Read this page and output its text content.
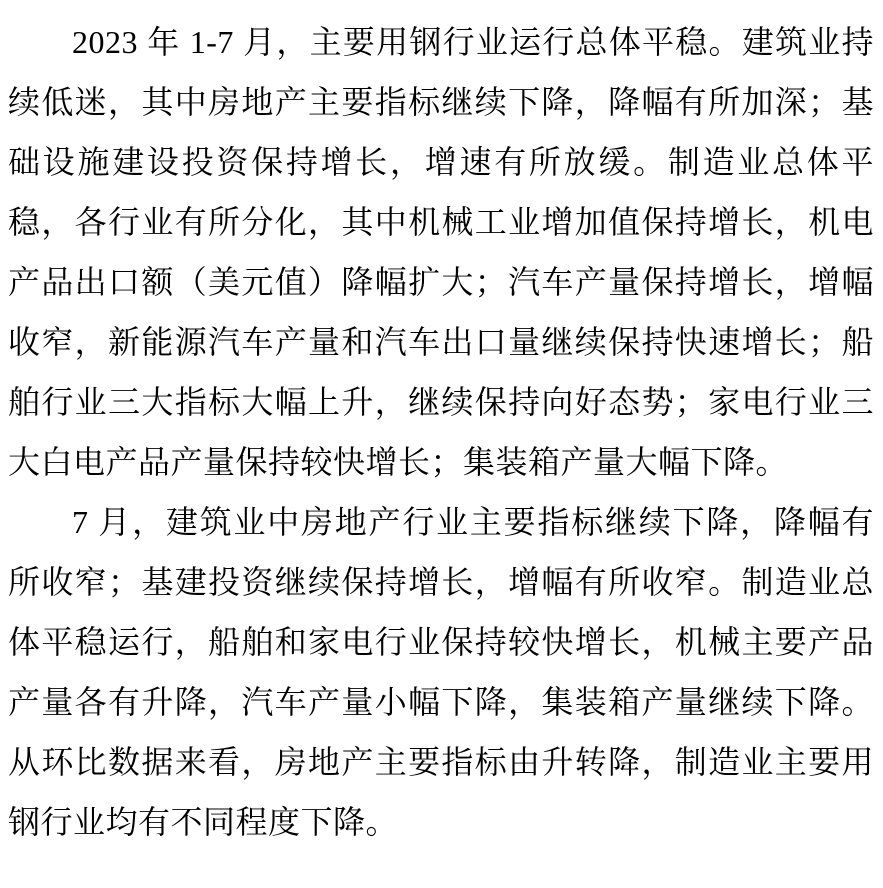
2023 年 1-7 月，主要用钢行业运行总体平稳。建筑业持续低迷，其中房地产主要指标继续下降，降幅有所加深；基础设施建设投资保持增长，增速有所放缓。制造业总体平稳，各行业有所分化，其中机械工业增加值保持增长，机电产品出口额（美元值）降幅扩大；汽车产量保持增长，增幅收窄，新能源汽车产量和汽车出口量继续保持快速增长；船舶行业三大指标大幅上升，继续保持向好态势；家电行业三大白电产品产量保持较快增长；集装箱产量大幅下降。

7 月，建筑业中房地产行业主要指标继续下降，降幅有所收窄；基建投资继续保持增长，增幅有所收窄。制造业总体平稳运行，船舶和家电行业保持较快增长，机械主要产品产量各有升降，汽车产量小幅下降，集装箱产量继续下降。从环比数据来看，房地产主要指标由升转降，制造业主要用钢行业均有不同程度下降。
